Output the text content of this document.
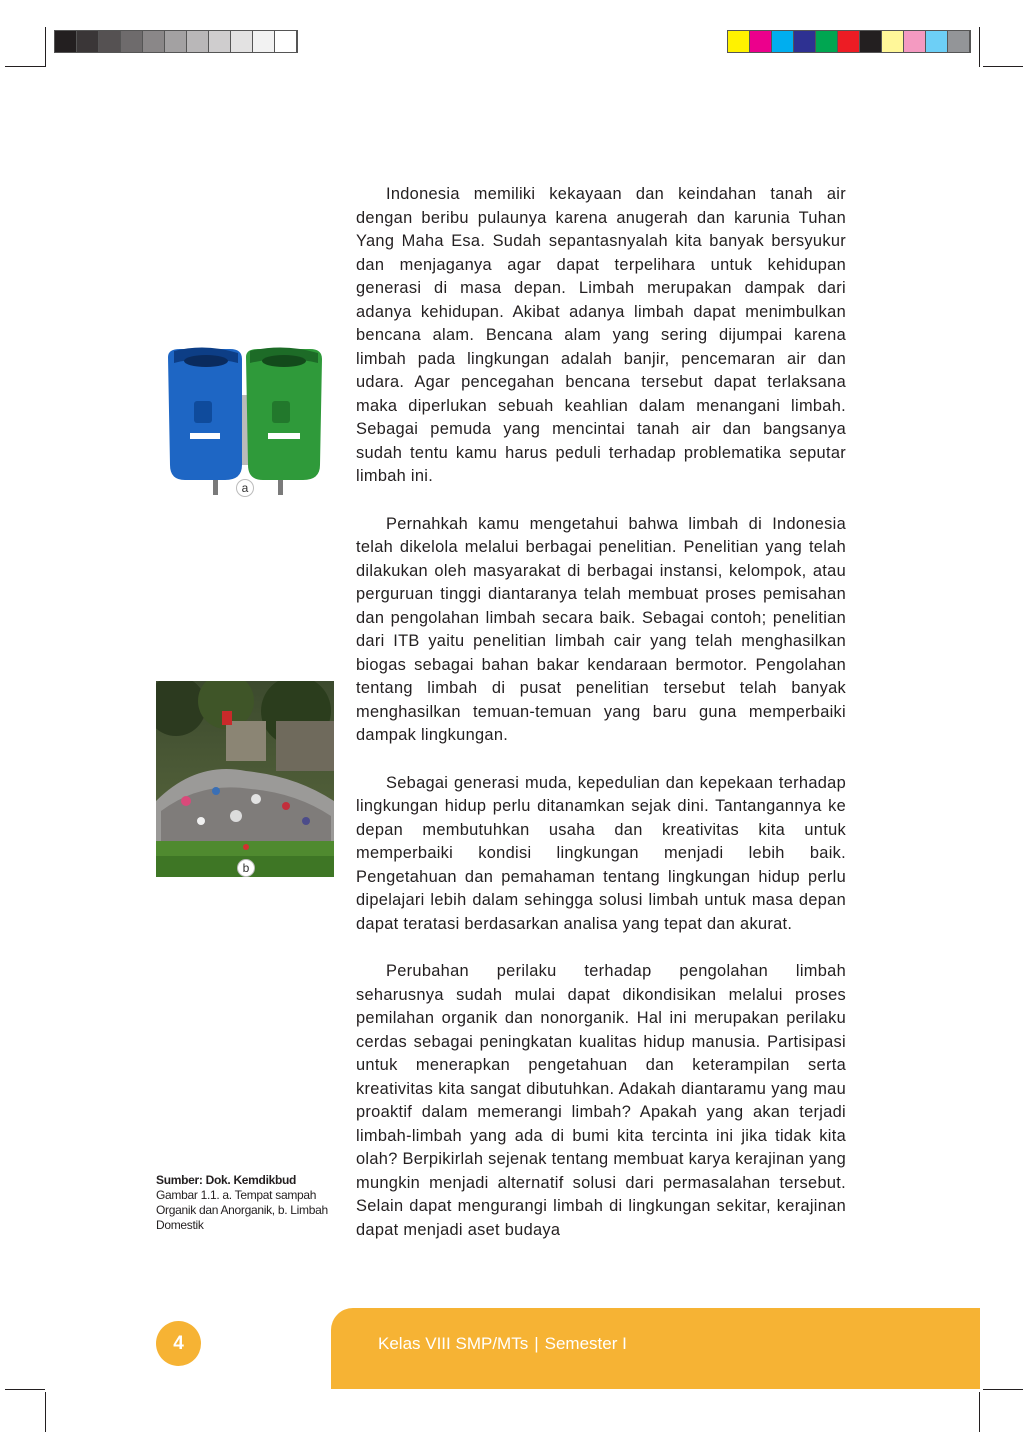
a
b
Sumber: Dok. Kemdikbud
Gambar 1.1. a. Tempat sampah Organik dan Anorganik, b. Limbah Domestik

Indonesia memiliki kekayaan dan keindahan tanah air dengan beribu pulaunya karena anugerah dan karunia Tuhan Yang Maha Esa. Sudah sepantasnyalah kita banyak bersyukur dan menjaganya agar dapat terpelihara untuk kehidupan generasi di masa depan. Limbah merupakan dampak dari adanya kehidupan. Akibat adanya limbah dapat menimbulkan bencana alam. Bencana alam yang sering dijumpai karena limbah pada lingkungan adalah banjir, pencemaran air dan udara. Agar pencegahan bencana tersebut dapat terlaksana maka diperlukan sebuah keahlian dalam menangani limbah. Sebagai pemuda yang mencintai tanah air dan bangsanya sudah tentu kamu harus peduli terhadap problematika seputar limbah ini.

Pernahkah kamu mengetahui bahwa limbah di Indonesia telah dikelola melalui berbagai penelitian. Penelitian yang telah dilakukan oleh masyarakat di berbagai instansi, kelompok, atau perguruan tinggi diantaranya telah membuat proses pemisahan dan pengolahan limbah secara baik. Sebagai contoh; penelitian dari ITB yaitu penelitian limbah cair yang telah menghasilkan biogas sebagai bahan bakar kendaraan bermotor. Pengolahan tentang limbah di pusat penelitian tersebut telah banyak menghasilkan temuan-temuan yang baru guna memperbaiki dampak lingkungan.

Sebagai generasi muda, kepedulian dan kepekaan terhadap lingkungan hidup perlu ditanamkan sejak dini. Tantangannya ke depan membutuhkan usaha dan kreativitas kita untuk memperbaiki kondisi lingkungan menjadi lebih baik. Pengetahuan dan pemahaman tentang lingkungan hidup perlu dipelajari lebih dalam sehingga solusi limbah untuk masa depan dapat teratasi berdasarkan analisa yang tepat dan akurat.

Perubahan perilaku terhadap pengolahan limbah seharusnya sudah mulai dapat dikondisikan melalui proses pemilahan organik dan nonorganik. Hal ini merupakan perilaku cerdas sebagai peningkatan kualitas hidup manusia. Partisipasi untuk menerapkan pengetahuan dan keterampilan serta kreativitas kita sangat dibutuhkan. Adakah diantaramu yang mau proaktif dalam memerangi limbah? Apakah yang akan terjadi limbah-limbah yang ada di bumi kita tercinta ini jika tidak kita olah? Berpikirlah sejenak tentang membuat karya kerajinan yang mungkin menjadi alternatif solusi dari permasalahan tersebut. Selain dapat mengurangi limbah di lingkungan sekitar, kerajinan dapat menjadi aset budaya

4	Kelas VIII SMP/MTs | Semester I
